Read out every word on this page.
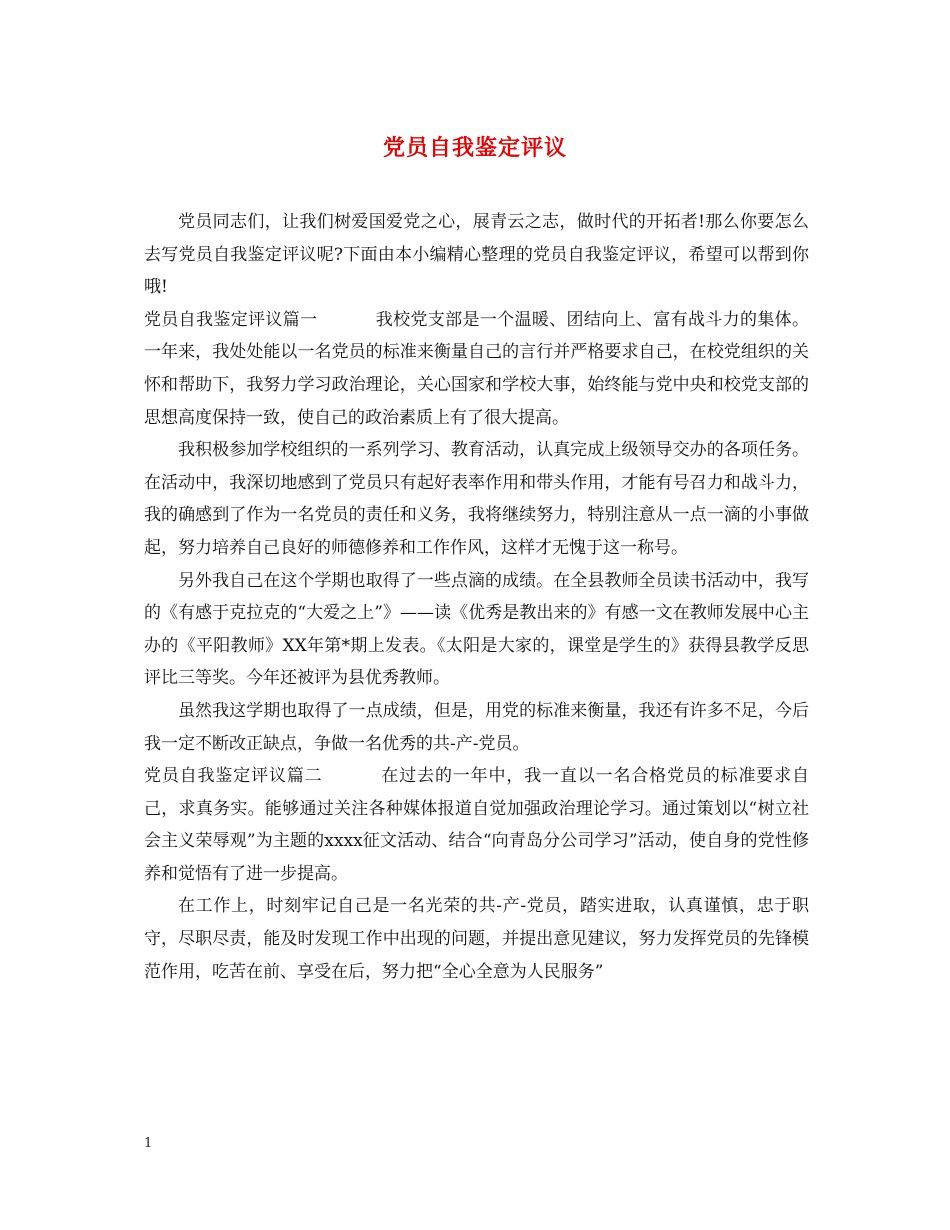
党员自我鉴定评议

党员同志们，让我们树爱国爱党之心，展青云之志，做时代的开拓者!那么你要怎么去写党员自我鉴定评议呢?下面由本小编精心整理的党员自我鉴定评议，希望可以帮到你哦!

党员自我鉴定评议篇一	我校党支部是一个温暖、团结向上、富有战斗力的集体。一年来，我处处能以一名党员的标准来衡量自己的言行并严格要求自己，在校党组织的关怀和帮助下，我努力学习政治理论，关心国家和学校大事，始终能与党中央和校党支部的思想高度保持一致，使自己的政治素质上有了很大提高。

我积极参加学校组织的一系列学习、教育活动，认真完成上级领导交办的各项任务。在活动中，我深切地感到了党员只有起好表率作用和带头作用，才能有号召力和战斗力，我的确感到了作为一名党员的责任和义务，我将继续努力，特别注意从一点一滴的小事做起，努力培养自己良好的师德修养和工作作风，这样才无愧于这一称号。

另外我自己在这个学期也取得了一些点滴的成绩。在全县教师全员读书活动中，我写的《有感于克拉克的“大爱之上”》——读《优秀是教出来的》有感一文在教师发展中心主办的《平阳教师》XX年第*期上发表。《太阳是大家的，课堂是学生的》获得县教学反思评比三等奖。今年还被评为县优秀教师。

虽然我这学期也取得了一点成绩，但是，用党的标准来衡量，我还有许多不足，今后我一定不断改正缺点，争做一名优秀的共-产-党员。

党员自我鉴定评议篇二	在过去的一年中，我一直以一名合格党员的标准要求自己，求真务实。能够通过关注各种媒体报道自觉加强政治理论学习。通过策划以“树立社会主义荣辱观”为主题的xxxx征文活动、结合“向青岛分公司学习”活动，使自身的党性修养和觉悟有了进一步提高。

在工作上，时刻牢记自己是一名光荣的共-产-党员，踏实进取，认真谨慎，忠于职守，尽职尽责，能及时发现工作中出现的问题，并提出意见建议，努力发挥党员的先锋模范作用，吃苦在前、享受在后，努力把“全心全意为人民服务”

1
